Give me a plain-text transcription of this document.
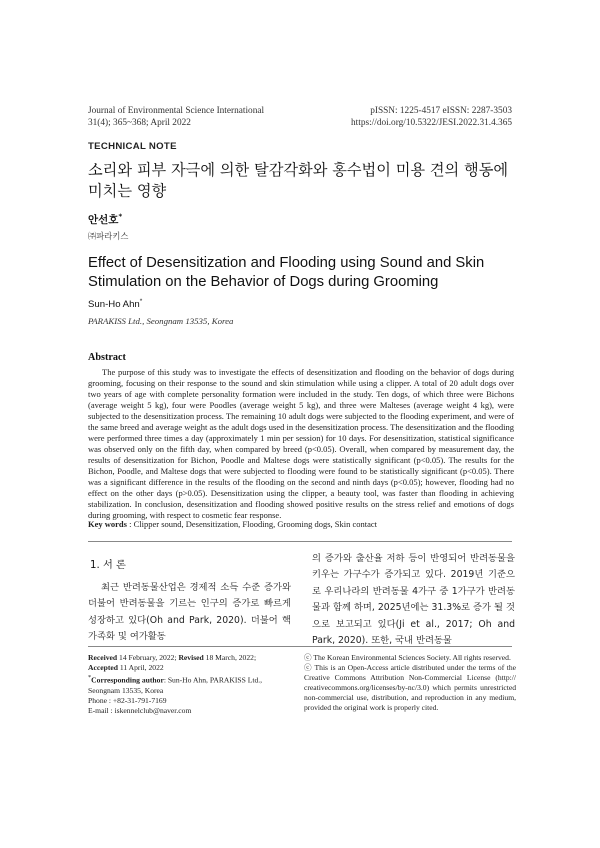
Journal of Environmental Science International
31(4); 365~368; April 2022
pISSN: 1225-4517 eISSN: 2287-3503
https://doi.org/10.5322/JESI.2022.31.4.365
TECHNICAL NOTE
소리와 피부 자극에 의한 탈감각화와 홍수법이 미용 견의 행동에 미치는 영향
안선호*
㈜파라키스
Effect of Desensitization and Flooding using Sound and Skin Stimulation on the Behavior of Dogs during Grooming
Sun-Ho Ahn*
PARAKISS Ltd., Seongnam 13535, Korea
Abstract
The purpose of this study was to investigate the effects of desensitization and flooding on the behavior of dogs during grooming, focusing on their response to the sound and skin stimulation while using a clipper. A total of 20 adult dogs over two years of age with complete personality formation were included in the study. Ten dogs, of which three were Bichons (average weight 5 kg), four were Poodles (average weight 5 kg), and three were Malteses (average weight 4 kg), were subjected to the desensitization process. The remaining 10 adult dogs were subjected to the flooding experiment, and were of the same breed and average weight as the adult dogs used in the desensitization process. The desensitization and the flooding were performed three times a day (approximately 1 min per session) for 10 days. For desensitization, statistical significance was observed only on the fifth day, when compared by breed (p<0.05). Overall, when compared by measurement day, the results of desensitization for Bichon, Poodle and Maltese dogs were statistically significant (p<0.05). The results for the Bichon, Poodle, and Maltese dogs that were subjected to flooding were found to be statistically significant (p<0.05). There was a significant difference in the results of the flooding on the second and ninth days (p<0.05); however, flooding had no effect on the other days (p>0.05). Desensitization using the clipper, a beauty tool, was faster than flooding in achieving stabilization. In conclusion, desensitization and flooding showed positive results on the stress relief and emotions of dogs during grooming, with respect to cosmetic fear response.
Key words : Clipper sound, Desensitization, Flooding, Grooming dogs, Skin contact
1. 서 론
최근 반려동물산업은 경제적 소득 수준 증가와 더불어 반려동물을 기르는 인구의 증가로 빠르게 성장하고 있다(Oh and Park, 2020). 더불어 핵가족화 및 여가활동
의 증가와 출산율 저하 등이 반영되어 반려동물을 키우는 가구수가 증가되고 있다. 2019년 기준으로 우리나라의 반려동물 4가구 중 1가구가 반려동물과 함께 하며, 2025년에는 31.3%로 증가 될 것으로 보고되고 있다(Ji et al., 2017; Oh and Park, 2020). 또한, 국내 반려동물
Received 14 February, 2022; Revised 18 March, 2022;
Accepted 11 April, 2022
*Corresponding author: Sun-Ho Ahn, PARAKISS Ltd., Seongnam 13535, Korea
Phone : +82-31-791-7169
E-mail : iskennelclub@naver.com
ⓒ The Korean Environmental Sciences Society. All rights reserved.
ⓒ This is an Open-Access article distributed under the terms of the Creative Commons Attribution Non-Commercial License (http:// creativecommons.org/licenses/by-nc/3.0) which permits unrestricted non-commercial use, distribution, and reproduction in any medium, provided the original work is properly cited.
